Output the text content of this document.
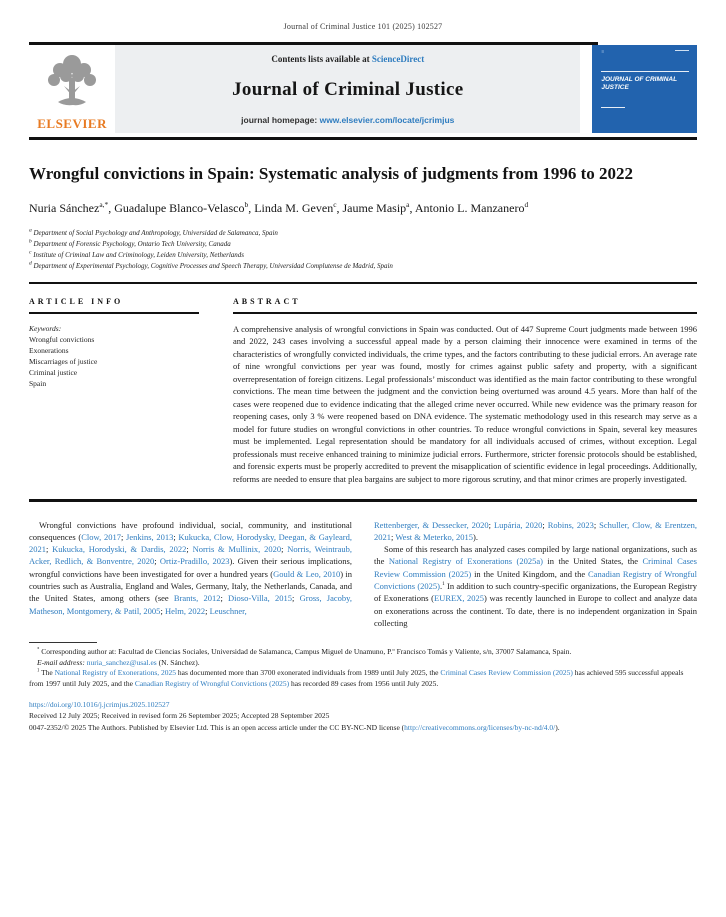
Journal of Criminal Justice 101 (2025) 102527
ELSEVIER
Contents lists available at ScienceDirect
Journal of Criminal Justice
journal homepage: www.elsevier.com/locate/jcrimjus
≡
JOURNAL OF CRIMINAL JUSTICE
Wrongful convictions in Spain: Systematic analysis of judgments from 1996 to 2022
Nuria Sánchez$^{a,*}$, Guadalupe Blanco-Velasco$^b$, Linda M. Geven$^c$, Jaume Masip$^a$, Antonio L. Manzanero$^d$
$^a$ Department of Social Psychology and Anthropology, Universidad de Salamanca, Spain
$^b$ Department of Forensic Psychology, Ontario Tech University, Canada
$^c$ Institute of Criminal Law and Criminology, Leiden University, Netherlands
$^d$ Department of Experimental Psychology, Cognitive Processes and Speech Therapy, Universidad Complutense de Madrid, Spain
ARTICLE INFO
Keywords:
Wrongful convictions
Exonerations
Miscarriages of justice
Criminal justice
Spain
ABSTRACT
A comprehensive analysis of wrongful convictions in Spain was conducted. Out of 447 Supreme Court judgments made between 1996 and 2022, 243 cases involving a successful appeal made by a person claiming their innocence were examined in terms of the characteristics of wrongfully convicted individuals, the crime types, and the factors contributing to these judicial errors. An average rate of nine wrongful convictions per year was found, mostly for crimes against public safety and property, with a significant overrepresentation of foreign citizens. Legal professionals’ misconduct was identified as the main factor contributing to these wrongful convictions. The mean time between the judgment and the conviction being overturned was around 4.5 years. More than half of the cases were reopened due to evidence indicating that the alleged crime never occurred. While new evidence was the primary reason for reopening cases, only 3 % were reopened based on DNA evidence. The systematic methodology used in this research may serve as a model for future studies on wrongful convictions in other countries. To reduce wrongful convictions in Spain, several key measures must be implemented. Legal representation should be mandatory for all individuals accused of crimes, without exception. Legal professionals must receive enhanced training to minimize judicial errors. Furthermore, stricter forensic protocols should be established, and forensic experts must be properly accredited to prevent the misapplication of scientific evidence in legal proceedings. Additionally, reforms are needed to ensure that plea bargains are subject to more rigorous scrutiny, and that minor crimes are properly investigated.

Wrongful convictions have profound individual, social, community, and institutional consequences (Clow, 2017; Jenkins, 2013; Kukucka, Clow, Horodysky, Deegan, & Gayleard, 2021; Kukucka, Horodyski, & Dardis, 2022; Norris & Mullinix, 2020; Norris, Weintraub, Acker, Redlich, & Bonventre, 2020; Ortiz-Pradillo, 2023). Given their serious implications, wrongful convictions have been investigated for over a hundred years (Gould & Leo, 2010) in countries such as Australia, England and Wales, Germany, Italy, the Netherlands, Canada, and the United States, among others (see Brants, 2012; Dioso-Villa, 2015; Gross, Jacoby, Matheson, Montgomery, & Patil, 2005; Helm, 2022; Leuschner,

Rettenberger, & Dessecker, 2020; Lupária, 2020; Robins, 2023; Schuller, Clow, & Erentzen, 2021; West & Meterko, 2015).

Some of this research has analyzed cases compiled by large national organizations, such as the National Registry of Exonerations (2025a) in the United States, the Criminal Cases Review Commission (2025) in the United Kingdom, and the Canadian Registry of Wrongful Convictions (2025).$^1$ In addition to such country-specific organizations, the European Registry of Exonerations (EUREX, 2025) was recently launched in Europe to collect and analyze data on exonerations across the continent. To date, there is no independent organization in Spain collecting

* Corresponding author at: Facultad de Ciencias Sociales, Universidad de Salamanca, Campus Miguel de Unamuno, P.º Francisco Tomás y Valiente, s/n, 37007 Salamanca, Spain.

E-mail address: nuria_sanchez@usal.es (N. Sánchez).

$^1$ The National Registry of Exonerations, 2025 has documented more than 3700 exonerated individuals from 1989 until July 2025, the Criminal Cases Review Commission (2025) has achieved 595 successful appeals from 1997 until July 2025, and the Canadian Registry of Wrongful Convictions (2025) has recorded 89 cases from 1956 until July 2025.

https://doi.org/10.1016/j.jcrimjus.2025.102527

Received 12 July 2025; Received in revised form 26 September 2025; Accepted 28 September 2025

0047-2352/© 2025 The Authors. Published by Elsevier Ltd. This is an open access article under the CC BY-NC-ND license (http://creativecommons.org/licenses/by-nc-nd/4.0/).
